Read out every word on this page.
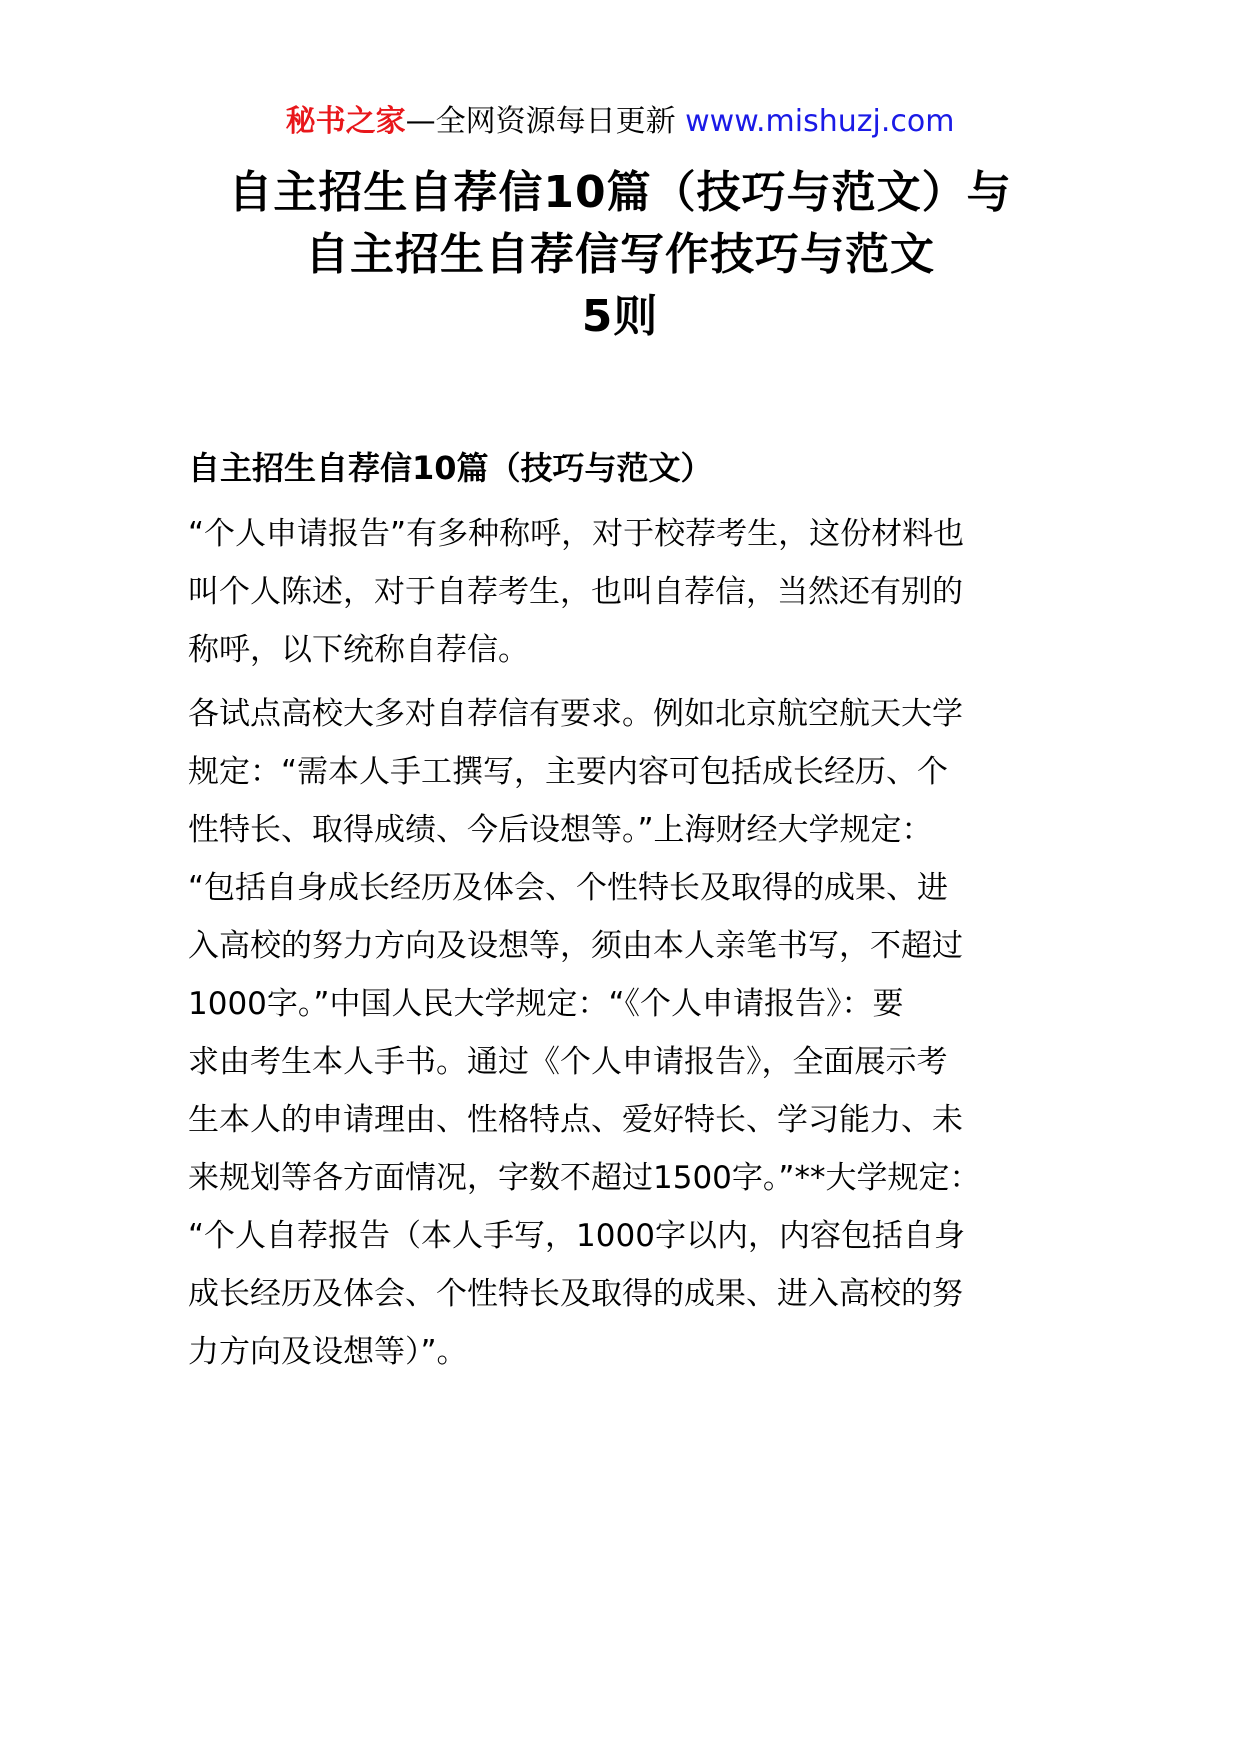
秘书之家—全网资源每日更新 www.mishuzj.com
自主招生自荐信10篇（技巧与范文）与
自主招生自荐信写作技巧与范文
5则
自主招生自荐信10篇（技巧与范文）
“个人申请报告”有多种称呼，对于校荐考生，这份材料也
叫个人陈述，对于自荐考生，也叫自荐信，当然还有别的
称呼，以下统称自荐信。
各试点高校大多对自荐信有要求。例如北京航空航天大学
规定：“需本人手工撰写，主要内容可包括成长经历、个
性特长、取得成绩、今后设想等。”上海财经大学规定：
“包括自身成长经历及体会、个性特长及取得的成果、进
入高校的努力方向及设想等，须由本人亲笔书写，不超过
1000字。”中国人民大学规定：“《个人申请报告》：要
求由考生本人手书。通过《个人申请报告》，全面展示考
生本人的申请理由、性格特点、爱好特长、学习能力、未
来规划等各方面情况，字数不超过1500字。”**大学规定：
“个人自荐报告（本人手写，1000字以内，内容包括自身
成长经历及体会、个性特长及取得的成果、进入高校的努
力方向及设想等）”。
